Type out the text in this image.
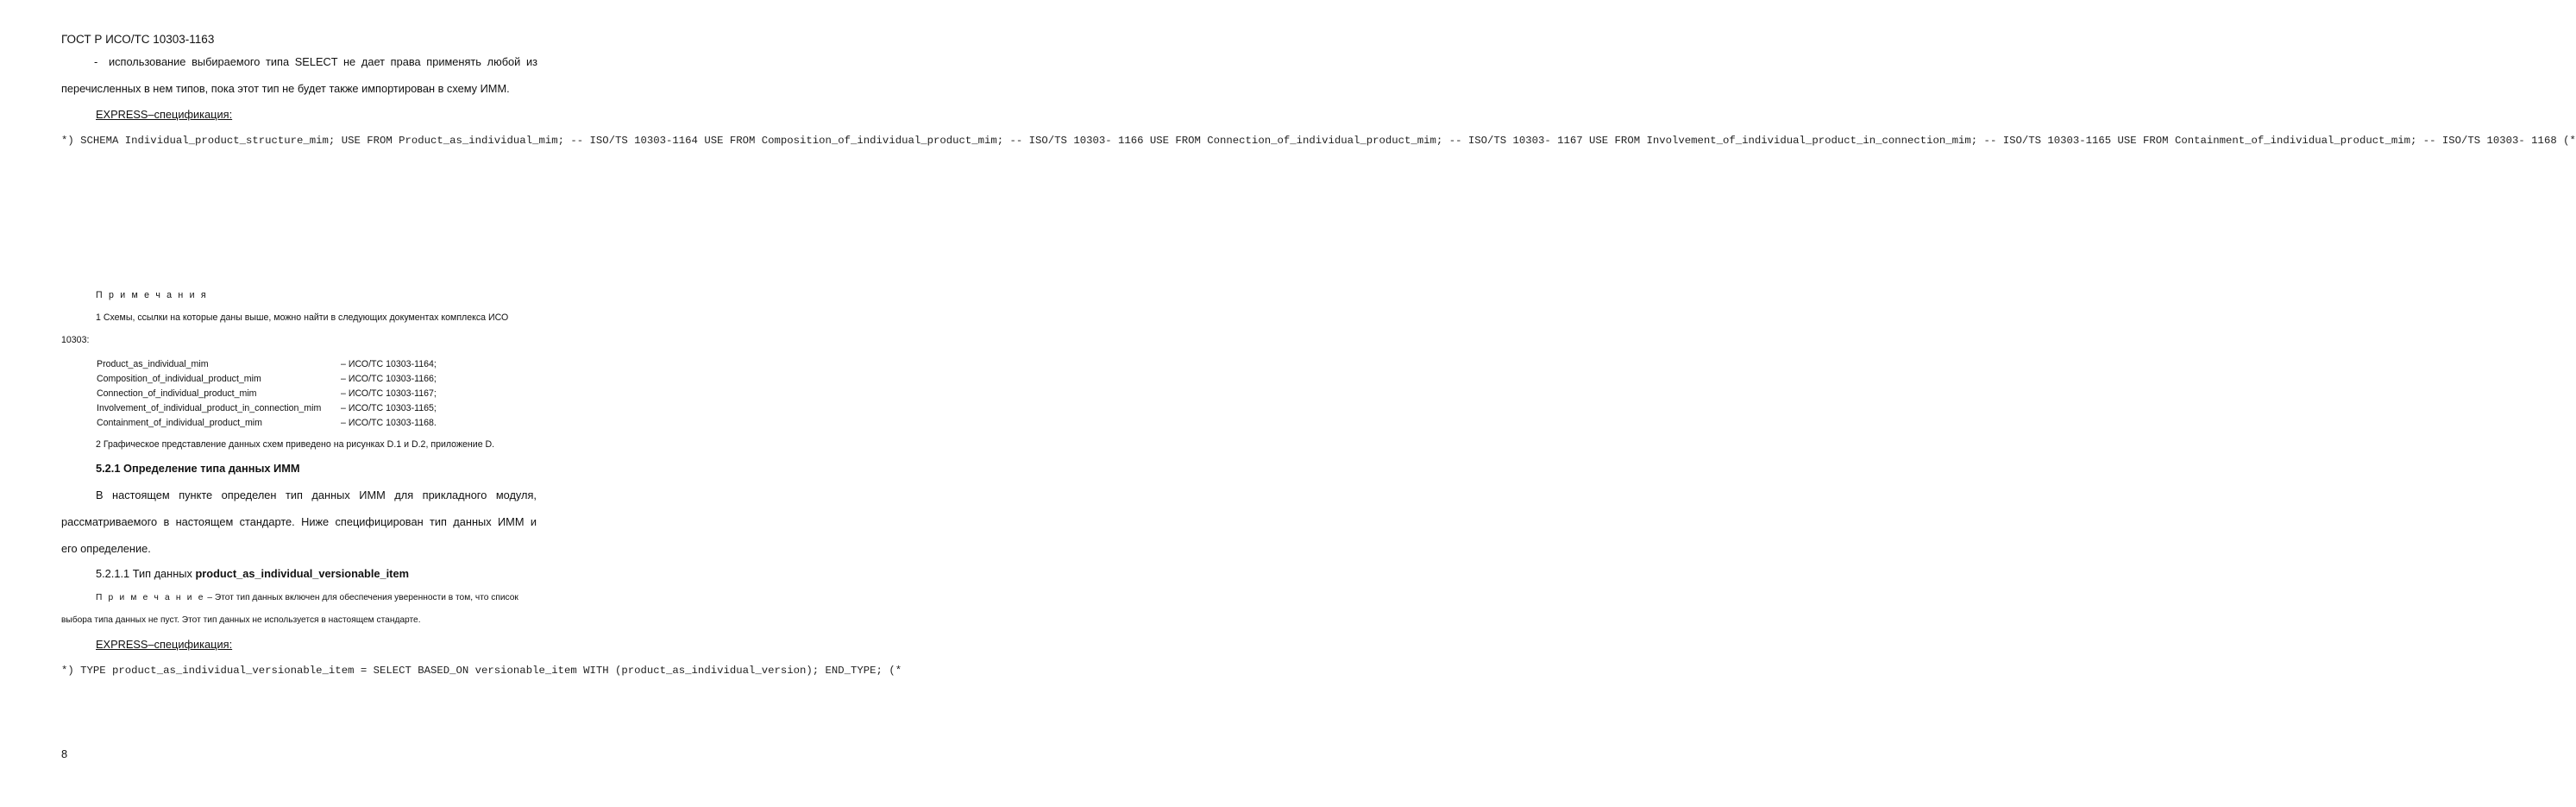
ГОСТ Р ИСО/ТС 10303-1163
- использование выбираемого типа SELECT не дает права применять любой из
перечисленных в нем типов, пока этот тип не будет также импортирован в схему ИММ.
EXPRESS–спецификация:
*) SCHEMA Individual_product_structure_mim; USE FROM Product_as_individual_mim; -- ISO/TS 10303-1164 USE FROM Composition_of_individual_product_mim; -- ISO/TS 10303- 1166 USE FROM Connection_of_individual_product_mim; -- ISO/TS 10303- 1167 USE FROM Involvement_of_individual_product_in_connection_mim; -- ISO/TS 10303-1165 USE FROM Containment_of_individual_product_mim; -- ISO/TS 10303- 1168 (*
П р и м е ч а н и я
1 Схемы, ссылки на которые даны выше, можно найти в следующих документах комплекса ИСО
10303:
Product_as_individual_mim	– ИСО/ТС 10303-1164;
Composition_of_individual_product_mim	– ИСО/ТС 10303-1166;
Connection_of_individual_product_mim	– ИСО/ТС 10303-1167;
Involvement_of_individual_product_in_connection_mim	– ИСО/ТС 10303-1165;
Containment_of_individual_product_mim	– ИСО/ТС 10303-1168.
2 Графическое представление данных схем приведено на рисунках D.1 и D.2, приложение D.
5.2.1 Определение типа данных ИММ
В настоящем пункте определен тип данных ИММ для прикладного модуля,
рассматриваемого в настоящем стандарте. Ниже специфицирован тип данных ИММ и
его определение.
5.2.1.1 Тип данных product_as_individual_versionable_item
П р и м е ч а н и е – Этот тип данных включен для обеспечения уверенности в том, что список
выбора типа данных не пуст. Этот тип данных не используется в настоящем стандарте.
EXPRESS–спецификация:
*) TYPE product_as_individual_versionable_item = SELECT BASED_ON versionable_item WITH (product_as_individual_version); END_TYPE; (*
8
